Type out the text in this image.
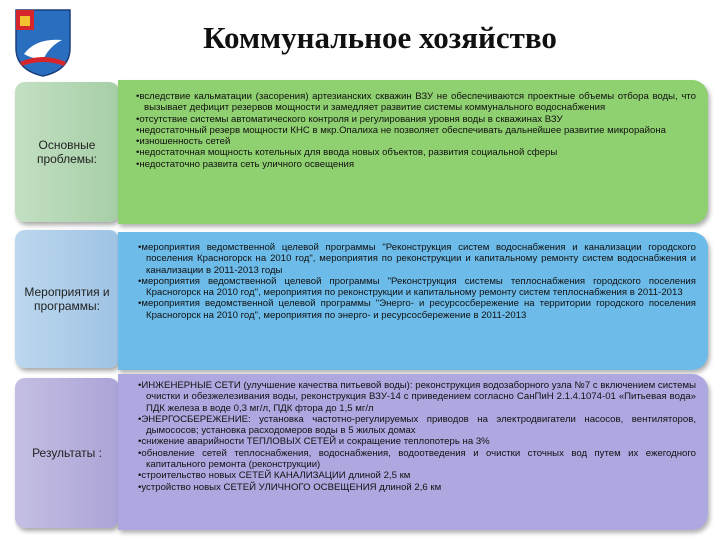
Коммунальное хозяйство
Основные проблемы:
•вследствие кальматации (засорения) артезианских скважин ВЗУ не обеспечиваются проектные объемы отбора воды, что вызывает дефицит резервов мощности и замедляет развитие системы коммунального водоснабжения
•отсутствие системы автоматического контроля и регулирования уровня воды в скважинах ВЗУ
•недостаточный резерв мощности КНС в мкр.Опалиха не позволяет обеспечивать дальнейшее развитие микрорайона
•изношенность сетей
•недостаточная мощность котельных для ввода новых объектов, развития социальной сферы
•недостаточно развита сеть уличного освещения
Мероприятия и программы:
•мероприятия ведомственной целевой программы "Реконструкция систем водоснабжения и канализации городского поселения Красногорск на 2010 год", мероприятия по реконструкции и капитальному ремонту систем водоснабжения и канализации в 2011-2013 годы
•мероприятия ведомственной целевой программы "Реконструкция системы теплоснабжения городского поселения Красногорск на 2010 год", мероприятия по реконструкции и капитальному ремонту систем теплоснабжения в 2011-2013
•мероприятия ведомственной целевой программы "Энерго- и ресурсосбережение на территории городского поселения Красногорск на 2010 год", мероприятия по энерго- и ресурсосбережение в 2011-2013
Результаты :
•ИНЖЕНЕРНЫЕ СЕТИ (улучшение качества питьевой воды): реконструкция водозаборного узла №7 с включением системы очистки и обезжелезивания воды, реконструкция ВЗУ-14 с приведением согласно СанПиН 2.1.4.1074-01 «Питьевая вода» ПДК железа в воде 0,3 мг/л, ПДК фтора до 1,5 мг/л
•ЭНЕРГОСБЕРЕЖЕНИЕ: установка частотно-регулируемых приводов на электродвигатели насосов, вентиляторов, дымососов; установка расходомеров воды в 5 жилых домах
•снижение аварийности ТЕПЛОВЫХ СЕТЕЙ и сокращение теплопотерь на 3%
•обновление сетей теплоснабжения, водоснабжения, водоотведения и очистки сточных вод путем их ежегодного капитального ремонта (реконструкции)
•строительство новых СЕТЕЙ КАНАЛИЗАЦИИ длиной 2,5 км
•устройство новых СЕТЕЙ УЛИЧНОГО ОСВЕЩЕНИЯ длиной 2,6 км
